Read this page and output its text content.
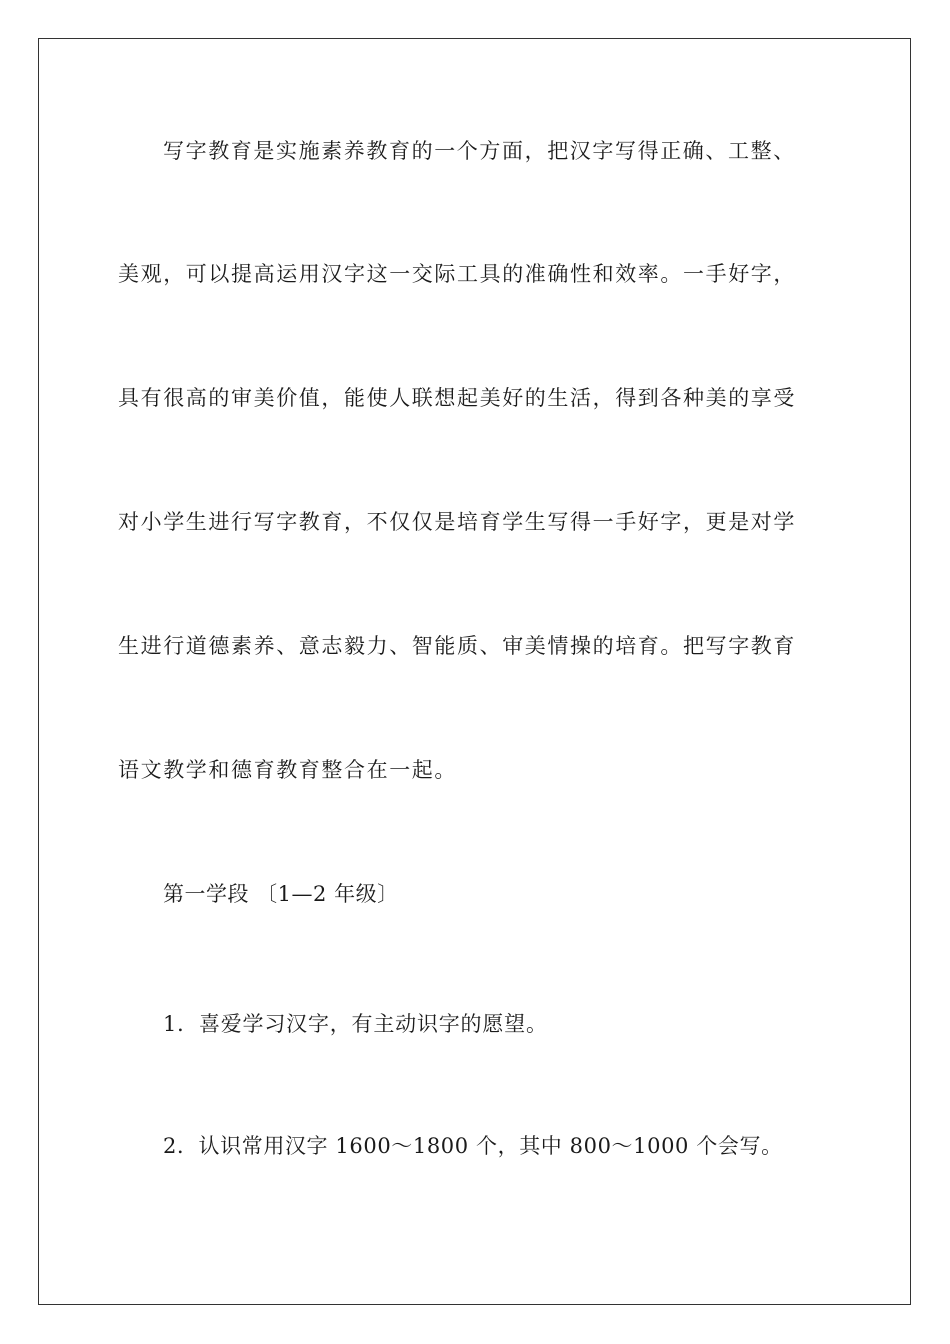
写字教育是实施素养教育的一个方面，把汉字写得正确、工整、
美观，可以提高运用汉字这一交际工具的准确性和效率。一手好字，
具有很高的审美价值，能使人联想起美好的生活，得到各种美的享受
对小学生进行写字教育，不仅仅是培育学生写得一手好字，更是对学
生进行道德素养、意志毅力、智能质、审美情操的培育。把写字教育
语文教学和德育教育整合在一起。
第一学段 〔1—2 年级〕
1．喜爱学习汉字，有主动识字的愿望。
2．认识常用汉字 1600～1800 个，其中 800～1000 个会写。
